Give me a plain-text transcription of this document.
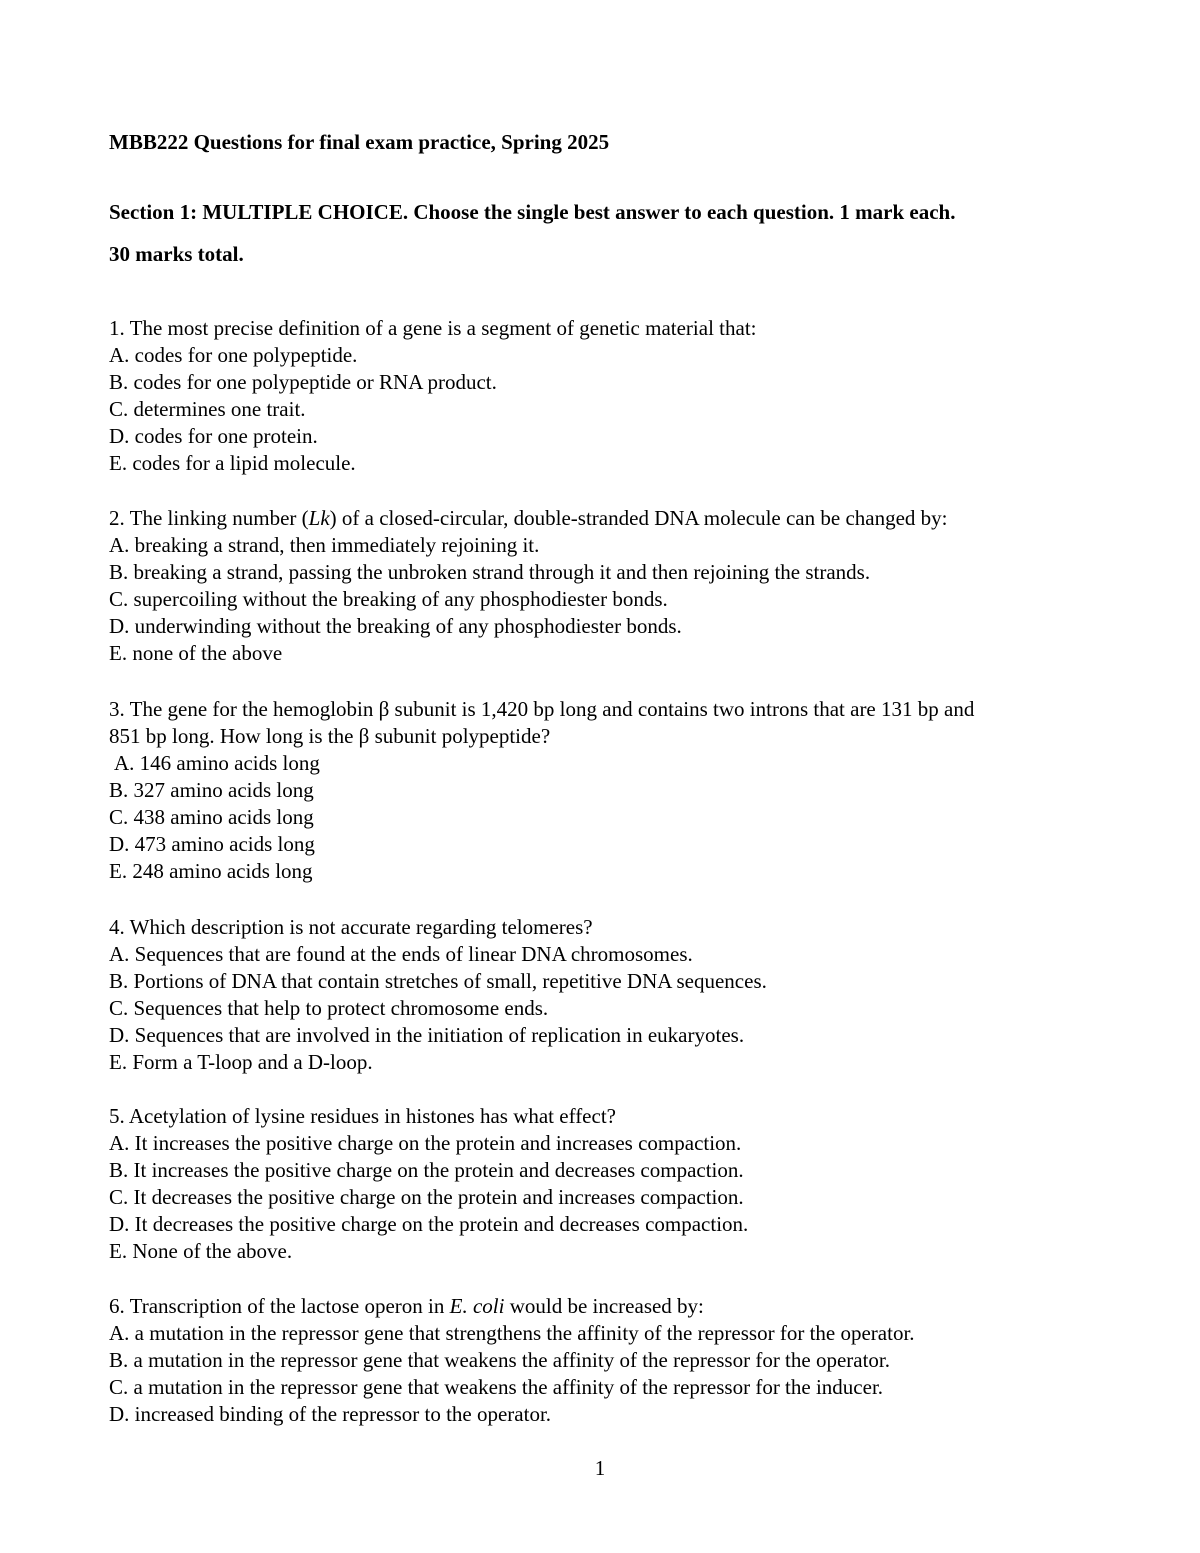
MBB222 Questions for final exam practice, Spring 2025
Section 1: MULTIPLE CHOICE. Choose the single best answer to each question. 1 mark each.
30 marks total.
1. The most precise definition of a gene is a segment of genetic material that:
A. codes for one polypeptide.
B. codes for one polypeptide or RNA product.
C. determines one trait.
D. codes for one protein.
E. codes for a lipid molecule.
2. The linking number (Lk) of a closed-circular, double-stranded DNA molecule can be changed by:
A. breaking a strand, then immediately rejoining it.
B. breaking a strand, passing the unbroken strand through it and then rejoining the strands.
C. supercoiling without the breaking of any phosphodiester bonds.
D. underwinding without the breaking of any phosphodiester bonds.
E. none of the above
3. The gene for the hemoglobin β subunit is 1,420 bp long and contains two introns that are 131 bp and
851 bp long. How long is the β subunit polypeptide?
A. 146 amino acids long
B. 327 amino acids long
C. 438 amino acids long
D. 473 amino acids long
E. 248 amino acids long
4. Which description is not accurate regarding telomeres?
A. Sequences that are found at the ends of linear DNA chromosomes.
B. Portions of DNA that contain stretches of small, repetitive DNA sequences.
C. Sequences that help to protect chromosome ends.
D. Sequences that are involved in the initiation of replication in eukaryotes.
E. Form a T-loop and a D-loop.
5. Acetylation of lysine residues in histones has what effect?
A. It increases the positive charge on the protein and increases compaction.
B. It increases the positive charge on the protein and decreases compaction.
C. It decreases the positive charge on the protein and increases compaction.
D. It decreases the positive charge on the protein and decreases compaction.
E. None of the above.
6. Transcription of the lactose operon in E. coli would be increased by:
A. a mutation in the repressor gene that strengthens the affinity of the repressor for the operator.
B. a mutation in the repressor gene that weakens the affinity of the repressor for the operator.
C. a mutation in the repressor gene that weakens the affinity of the repressor for the inducer.
D. increased binding of the repressor to the operator.
1
